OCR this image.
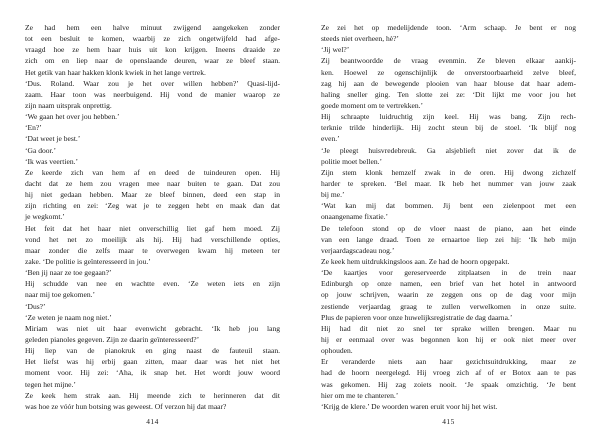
Ze had hem een halve minuut zwijgend aangekeken zonder
tot een besluit te komen, waarbij ze zich ongetwijfeld had afge-
vraagd hoe ze hem haar huis uit kon krijgen. Ineens draaide ze
zich om en liep naar de openslaande deuren, waar ze bleef staan.
Het getik van haar hakken klonk kwiek in het lange vertrek.
‘Dus. Roland. Waar zou je het over willen hebben?’ Quasi-lijd-
zaam. Haar toon was neerbuigend. Hij vond de manier waarop ze
zijn naam uitsprak onprettig.
‘We gaan het over jou hebben.’
‘En?’
‘Dat weet je best.’
‘Ga door.’
‘Ik was veertien.’
Ze keerde zich van hem af en deed de tuindeuren open. Hij
dacht dat ze hem zou vragen mee naar buiten te gaan. Dat zou
hij niet gedaan hebben. Maar ze bleef binnen, deed een stap in
zijn richting en zei: ‘Zeg wat je te zeggen hebt en maak dan dat
je wegkomt.’
Het feit dat het haar niet onverschillig liet gaf hem moed. Zij
vond het net zo moeilijk als hij. Hij had verschillende opties,
maar zonder die zelfs maar te overwegen kwam hij meteen ter
zake. ‘De politie is geïnteresseerd in jou.’
‘Ben jij naar ze toe gegaan?’
Hij schudde van nee en wachtte even. ‘Ze weten iets en zijn
naar mij toe gekomen.’
‘Dus?’
‘Ze weten je naam nog niet.’
Miriam was niet uit haar evenwicht gebracht. ‘Ik heb jou lang
geleden pianoles gegeven. Zijn ze daarin geïnteresseerd?’
Hij liep van de pianokruk en ging naast de fauteuil staan.
Het liefst was hij erbij gaan zitten, maar daar was het niet het
moment voor. Hij zei: ‘Aha, ik snap het. Het wordt jouw woord
tegen het mijne.’
Ze keek hem strak aan. Hij meende zich te herinneren dat dit
was hoe ze vóór hun botsing was geweest. Of verzon hij dat maar?
414
Ze zei het op medelijdende toon. ‘Arm schaap. Je bent er nog
steeds niet overheen, hè?’
‘Jij wel?’
Zij beantwoordde de vraag evenmin. Ze bleven elkaar aankij-
ken. Hoewel ze ogenschijnlijk de onverstoorbaarheid zelve bleef,
zag hij aan de bewegende plooien van haar blouse dat haar adem-
haling sneller ging. Ten slotte zei ze: ‘Dit lijkt me voor jou het
goede moment om te vertrekken.’
Hij schraapte luidruchtig zijn keel. Hij was bang. Zijn rech-
terknie trilde hinderlijk. Hij zocht steun bij de stoel. ‘Ik blijf nog
even.’
‘Je pleegt huisvredebreuk. Ga alsjeblieft niet zover dat ik de
politie moet bellen.’
Zijn stem klonk hemzelf zwak in de oren. Hij dwong zichzelf
harder te spreken. ‘Bel maar. Ik heb het nummer van jouw zaak
bij me.’
‘Wat kan mij dat bommen. Jij bent een zielenpoot met een
onaangename fixatie.’
De telefoon stond op de vloer naast de piano, aan het einde
van een lange draad. Toen ze ernaartoe liep zei hij: ‘Ik heb mijn
verjaardagscadeau nog.’
Ze keek hem uitdrukkingsloos aan. Ze had de hoorn opgepakt.
‘De kaartjes voor gereserveerde zitplaatsen in de trein naar
Edinburgh op onze namen, een brief van het hotel in antwoord
op jouw schrijven, waarin ze zeggen ons op de dag voor mijn
zestiende verjaardag graag te zullen verwelkomen in onze suite.
Plus de papieren voor onze huwelijksregistratie de dag daarna.’
Hij had dit niet zo snel ter sprake willen brengen. Maar nu
hij er eenmaal over was begonnen kon hij er ook niet meer over
ophouden.
Er veranderde niets aan haar gezichtsuitdrukking, maar ze
had de hoorn neergelegd. Hij vroeg zich af of er Botox aan te pas
was gekomen. Hij zag zoiets nooit. ‘Je spaak omzichtig. ‘Je bent
hier om me te chanteren.’
‘Krijg de klere.’ De woorden waren eruit voor hij het wist.
415
